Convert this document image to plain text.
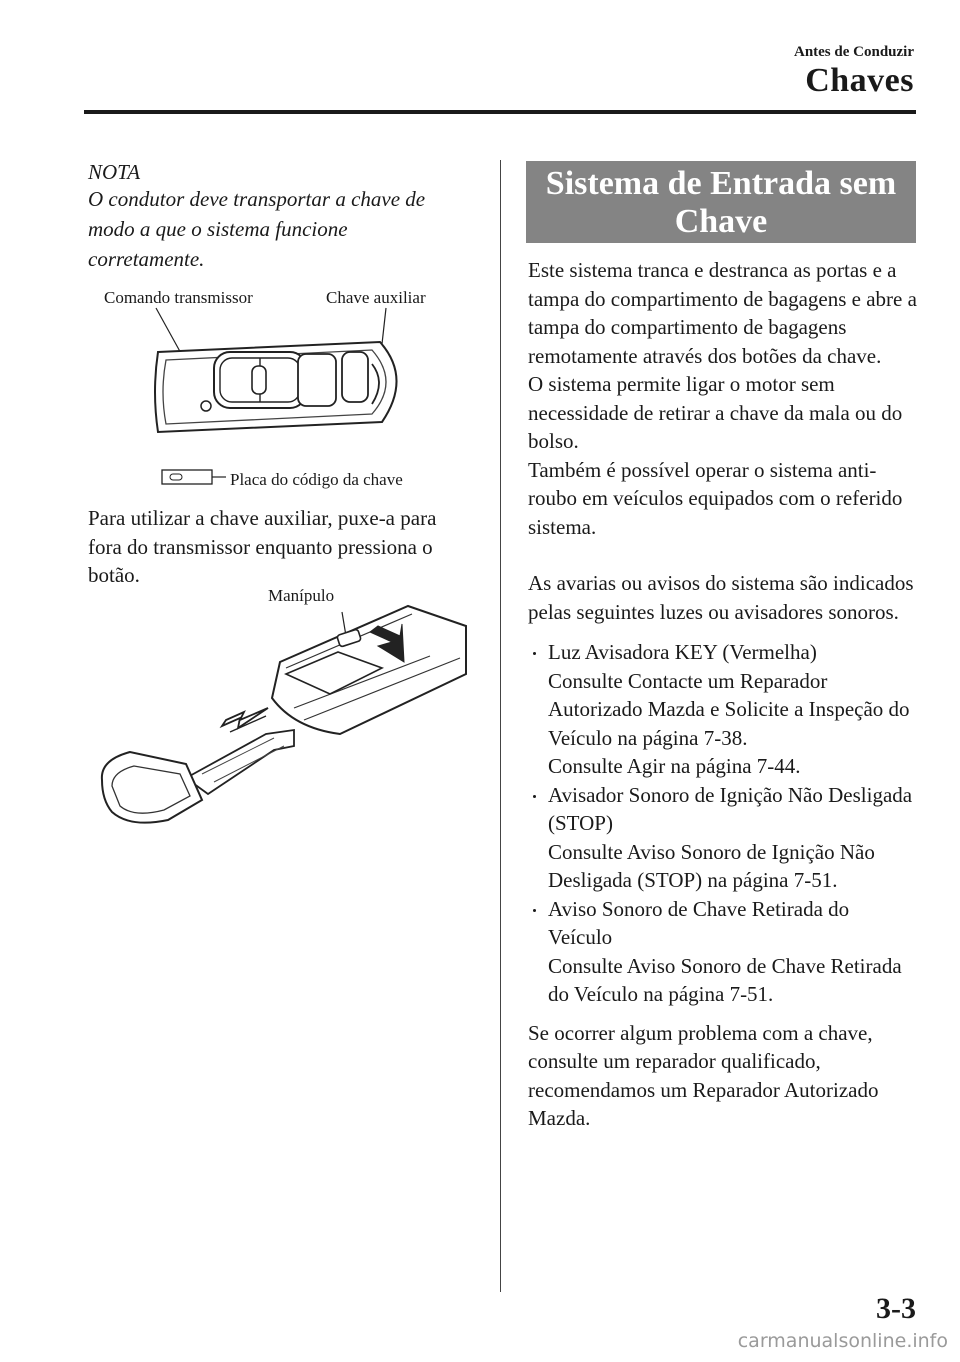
Antes de Conduzir
Chaves
NOTA
O condutor deve transportar a chave de modo a que o sistema funcione corretamente.
Comando transmissor	Chave auxiliar
Placa do código da chave
Para utilizar a chave auxiliar, puxe-a para fora do transmissor enquanto pressiona o botão.
Manípulo
Sistema de Entrada sem
Chave

Este sistema tranca e destranca as portas e a tampa do compartimento de bagagens e abre a tampa do compartimento de bagagens remotamente através dos botões da chave.

O sistema permite ligar o motor sem necessidade de retirar a chave da mala ou do bolso.

Também é possível operar o sistema anti-roubo em veículos equipados com o referido sistema.

As avarias ou avisos do sistema são indicados pelas seguintes luzes ou avisadores sonoros.

Luz Avisadora KEY (Vermelha)
Consulte Contacte um Reparador Autorizado Mazda e Solicite a Inspeção do Veículo na página 7-38.
Consulte Agir na página 7-44.
Avisador Sonoro de Ignição Não Desligada (STOP)
Consulte Aviso Sonoro de Ignição Não Desligada (STOP) na página 7-51.
Aviso Sonoro de Chave Retirada do Veículo
Consulte Aviso Sonoro de Chave Retirada do Veículo na página 7-51.

Se ocorrer algum problema com a chave, consulte um reparador qualificado, recomendamos um Reparador Autorizado Mazda.

3-3
carmanualsonline.info
